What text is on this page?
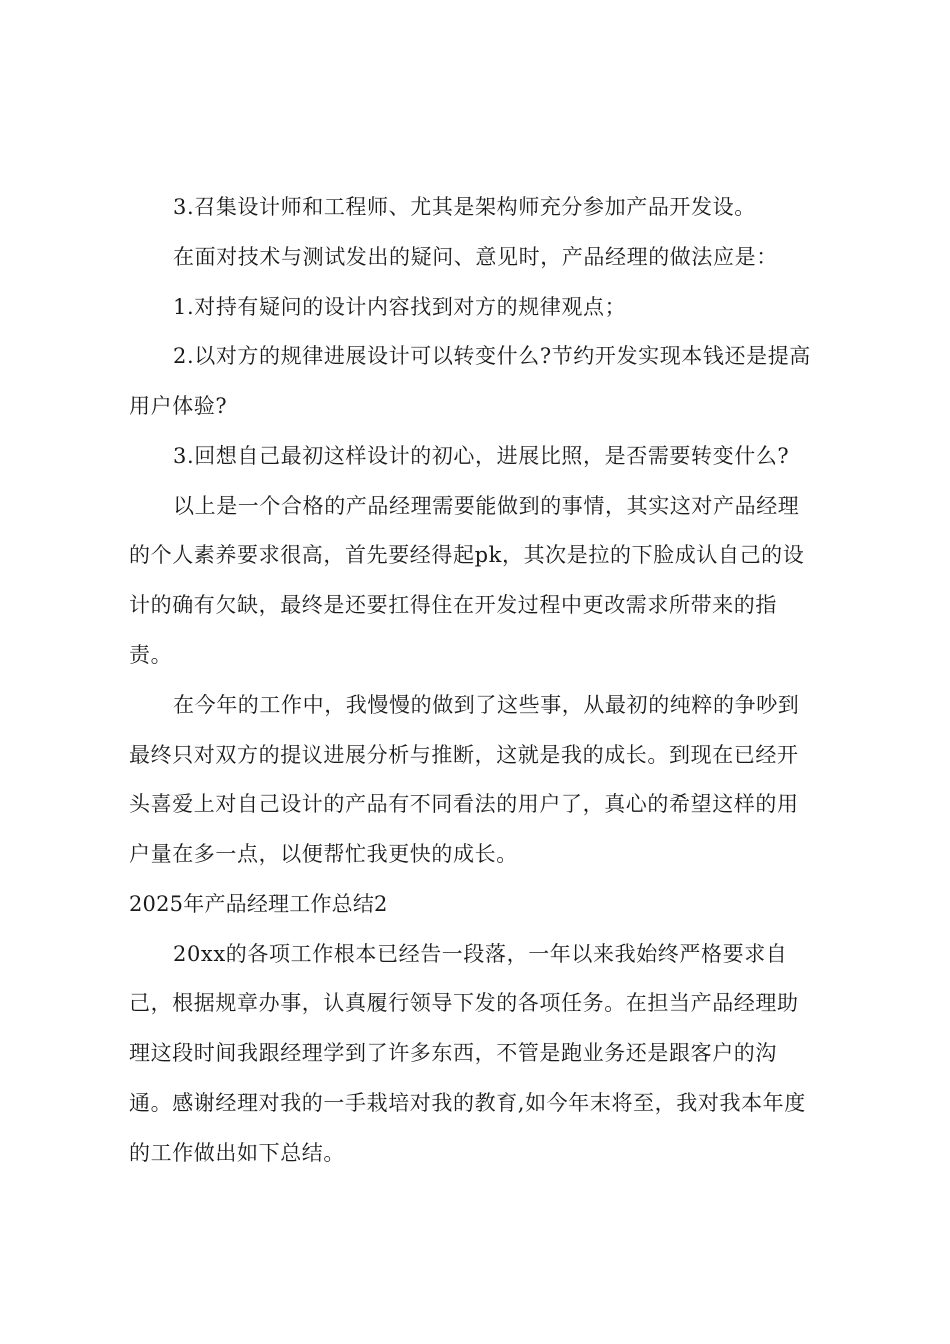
3.召集设计师和工程师、尤其是架构师充分参加产品开发设。
在面对技术与测试发出的疑问、意见时，产品经理的做法应是：
1.对持有疑问的设计内容找到对方的规律观点；
2.以对方的规律进展设计可以转变什么?节约开发实现本钱还是提高
用户体验?
3.回想自己最初这样设计的初心，进展比照，是否需要转变什么?
以上是一个合格的产品经理需要能做到的事情，其实这对产品经理
的个人素养要求很高，首先要经得起pk，其次是拉的下脸成认自己的设
计的确有欠缺，最终是还要扛得住在开发过程中更改需求所带来的指
责。
在今年的工作中，我慢慢的做到了这些事，从最初的纯粹的争吵到
最终只对双方的提议进展分析与推断，这就是我的成长。到现在已经开
头喜爱上对自己设计的产品有不同看法的用户了，真心的希望这样的用
户量在多一点，以便帮忙我更快的成长。
2025年产品经理工作总结2
20xx的各项工作根本已经告一段落，一年以来我始终严格要求自
己，根据规章办事，认真履行领导下发的各项任务。在担当产品经理助
理这段时间我跟经理学到了许多东西，不管是跑业务还是跟客户的沟
通。感谢经理对我的一手栽培对我的教育,如今年末将至，我对我本年度
的工作做出如下总结。
